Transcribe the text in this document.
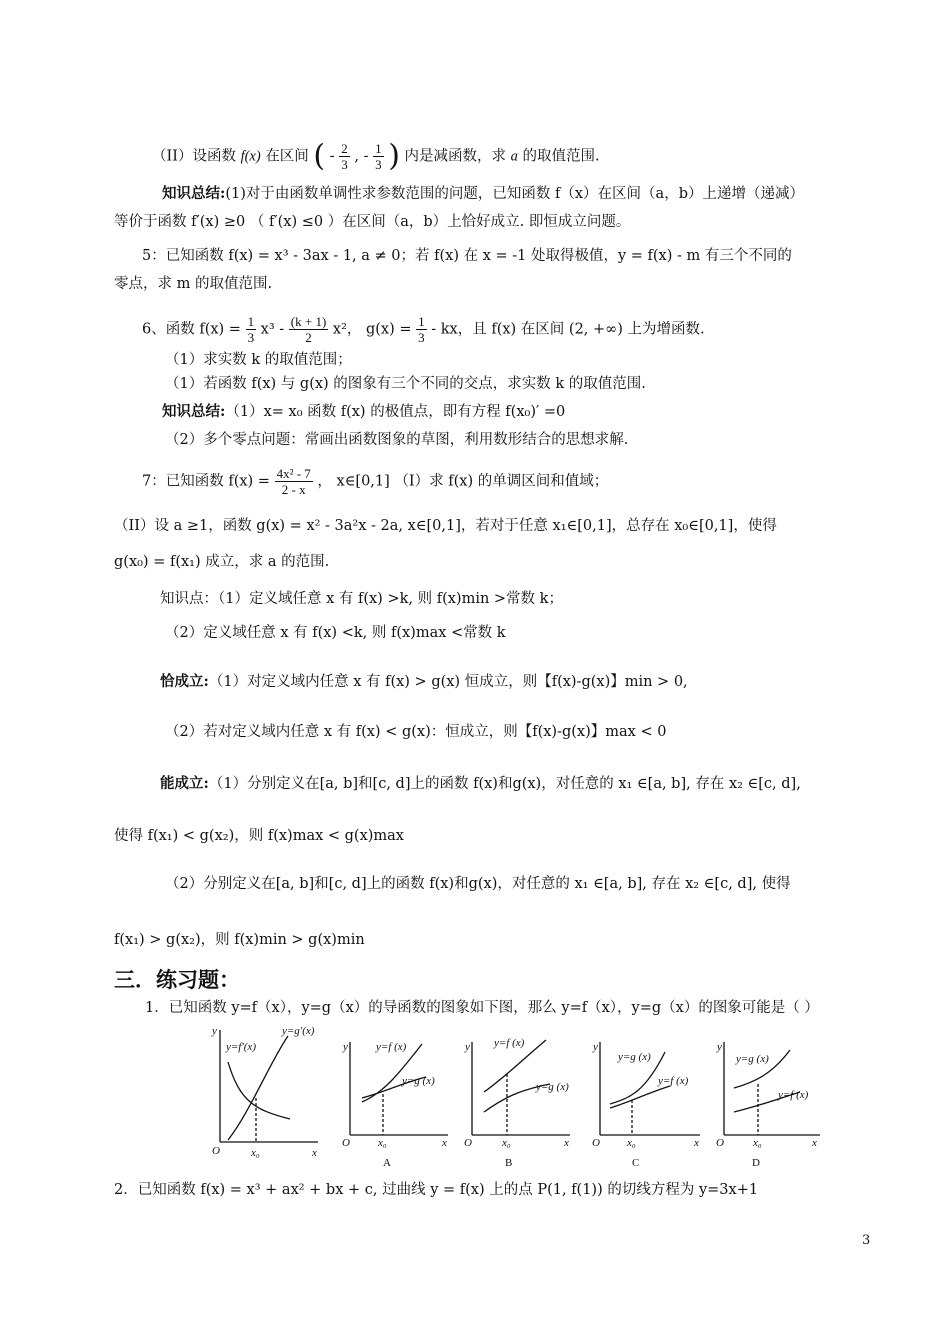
（II）设函数 f(x) 在区间 ( - $\frac{2}{3}$ , - $\frac{1}{3}$ ) 内是减函数，求 a 的取值范围.
知识总结:(1)对于由函数单调性求参数范围的问题，已知函数 f（x）在区间（a，b）上递增（递减）
等价于函数 f′(x) ≥0 （ f′(x) ≤0 ）在区间（a，b）上恰好成立. 即恒成立问题。
5：已知函数 f(x) = x³ - 3ax - 1, a ≠ 0；若 f(x) 在 x = -1 处取得极值，y = f(x) - m 有三个不同的
零点，求 m 的取值范围.
6、函数 $f(x) = \frac{1}{3} x^3 - \frac{(k + 1)}{2} x^2$， $g(x) = \frac{1}{3}$ - kx，且 f(x) 在区间 (2, +∞) 上为增函数.
（1）求实数 k 的取值范围；
（1）若函数 f(x) 与 g(x) 的图象有三个不同的交点，求实数 k 的取值范围.
知识总结:（1）x= x₀ 函数 f(x) 的极值点，即有方程 f(x₀)′ =0
（2）多个零点问题：常画出函数图象的草图，利用数形结合的思想求解.
7：已知函数 $f(x) = \frac{\text{4x² - 7}}{2 - x}$ ， x∈[0,1] （I）求 f(x) 的单调区间和值域；
（II）设 a ≥1，函数 g(x) = x² - 3a²x - 2a, x∈[0,1]，若对于任意 x₁∈[0,1]，总存在 x₀∈[0,1]，使得
g(x₀) = f(x₁) 成立，求 a 的范围.
知识点：（1）定义域任意 x 有 f(x) >k, 则 f(x)min >常数 k；
（2）定义域任意 x 有 f(x) <k, 则 f(x)max <常数 k
恰成立:（1）对定义域内任意 x 有 f(x) > g(x) 恒成立，则【f(x)-g(x)】min > 0,
（2）若对定义域内任意 x 有 f(x) < g(x)：恒成立，则【f(x)-g(x)】max < 0
能成立:（1）分别定义在[a, b]和[c, d]上的函数 f(x)和g(x)，对任意的 x₁ ∈[a, b], 存在 x₂ ∈[c, d],
使得 f(x₁) < g(x₂)，则 f(x)max < g(x)max
（2）分别定义在[a, b]和[c, d]上的函数 f(x)和g(x)，对任意的 x₁ ∈[a, b], 存在 x₂ ∈[c, d], 使得
f(x₁) > g(x₂)，则 f(x)min > g(x)min
三．练习题：
1．已知函数 y=f（x），y=g（x）的导函数的图象如下图，那么 y=f（x），y=g（x）的图象可能是（ ）
y
x
O	x₀
y=f′(x)
y=g′(x)
y
x
O	x₀
y=f (x)
y=g (x)
A
y
x
O	x₀
y=f (x)
y=g (x)
B
y
x
O x₀
y=g (x)
y=f (x)
C
y
x
O	x₀
y=g (x)
y=f (x)
D
2．已知函数 f(x) = x³ + ax² + bx + c, 过曲线 y = f(x) 上的点 P(1, f(1)) 的切线方程为 y=3x+1
3
